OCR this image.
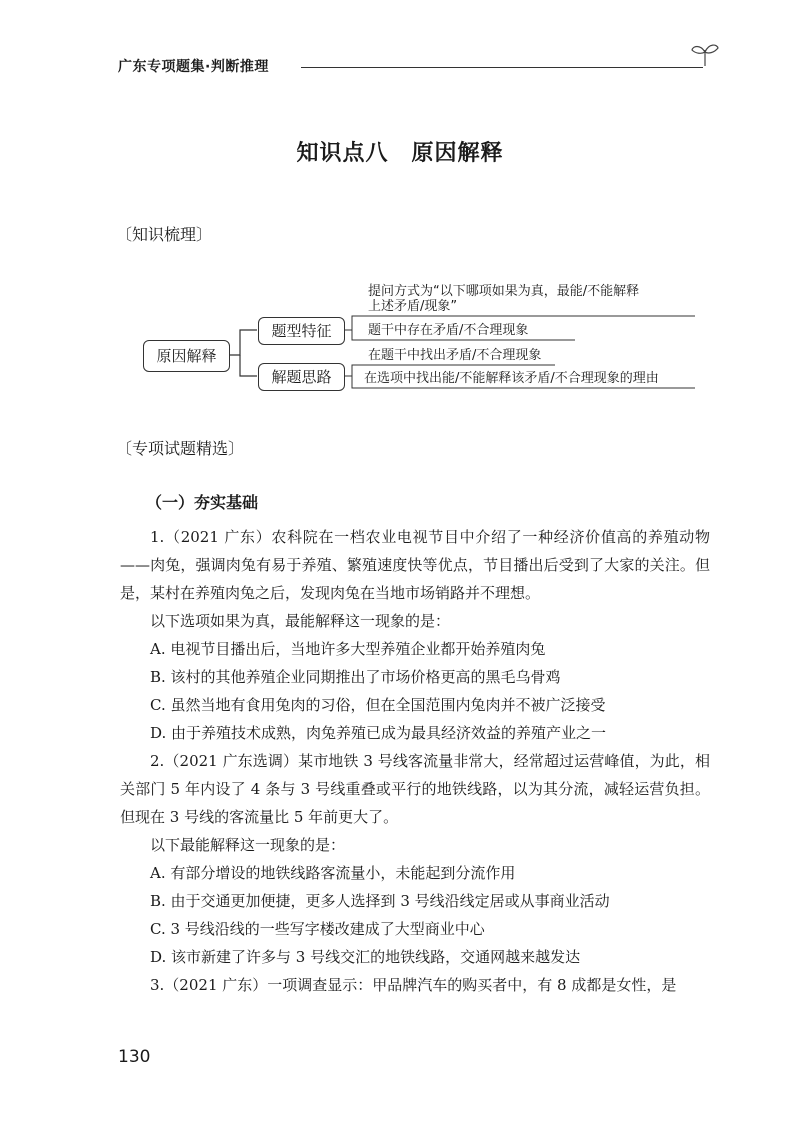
广东专项题集·判断推理
知识点八　原因解释
〔知识梳理〕
原因解释
题型特征
解题思路
提问方式为“以下哪项如果为真，最能/不能解释
上述矛盾/现象”
题干中存在矛盾/不合理现象
在题干中找出矛盾/不合理现象
在选项中找出能/不能解释该矛盾/不合理现象的理由
〔专项试题精选〕
（一）夯实基础

1.（2021 广东）农科院在一档农业电视节目中介绍了一种经济价值高的养殖动物——肉兔，强调肉兔有易于养殖、繁殖速度快等优点，节目播出后受到了大家的关注。但是，某村在养殖肉兔之后，发现肉兔在当地市场销路并不理想。

以下选项如果为真，最能解释这一现象的是：

A. 电视节目播出后，当地许多大型养殖企业都开始养殖肉兔

B. 该村的其他养殖企业同期推出了市场价格更高的黑毛乌骨鸡

C. 虽然当地有食用兔肉的习俗，但在全国范围内兔肉并不被广泛接受

D. 由于养殖技术成熟，肉兔养殖已成为最具经济效益的养殖产业之一

2.（2021 广东选调）某市地铁 3 号线客流量非常大，经常超过运营峰值，为此，相关部门 5 年内设了 4 条与 3 号线重叠或平行的地铁线路，以为其分流，减轻运营负担。但现在 3 号线的客流量比 5 年前更大了。

以下最能解释这一现象的是：

A. 有部分增设的地铁线路客流量小，未能起到分流作用

B. 由于交通更加便捷，更多人选择到 3 号线沿线定居或从事商业活动

C. 3 号线沿线的一些写字楼改建成了大型商业中心

D. 该市新建了许多与 3 号线交汇的地铁线路，交通网越来越发达

3.（2021 广东）一项调查显示：甲品牌汽车的购买者中，有 8 成都是女性，是

130
